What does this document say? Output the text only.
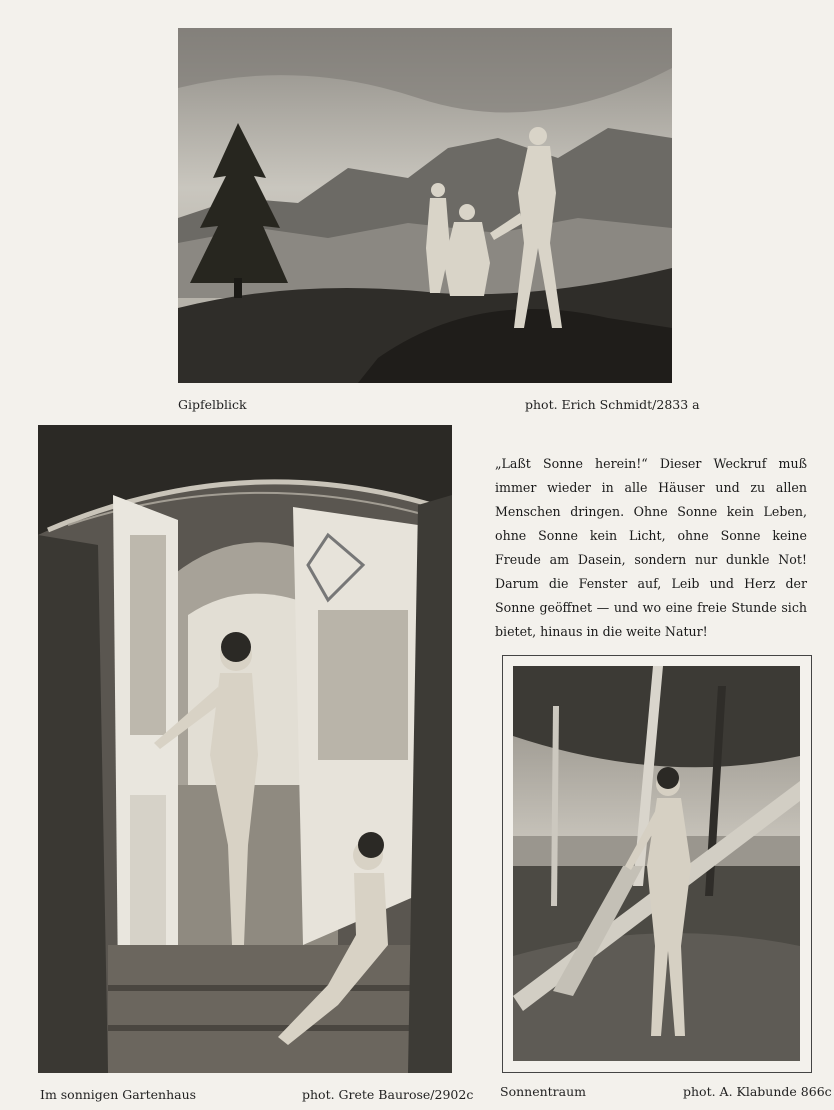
Gipfelblick	phot. Erich Schmidt/2833 a
Im sonnigen Gartenhaus	phot. Grete Baurose/2902c
„Laßt Sonne herein!“ Dieser Weckruf muß immer wieder in alle Häuser und zu allen Menschen dringen. Ohne Sonne kein Leben, ohne Sonne kein Licht, ohne Sonne keine Freude am Dasein, sondern nur dunkle Not! Darum die Fenster auf, Leib und Herz der Sonne geöffnet — und wo eine freie Stunde sich bietet, hinaus in die weite Natur!
Sonnentraum	phot. A. Klabunde 866c
